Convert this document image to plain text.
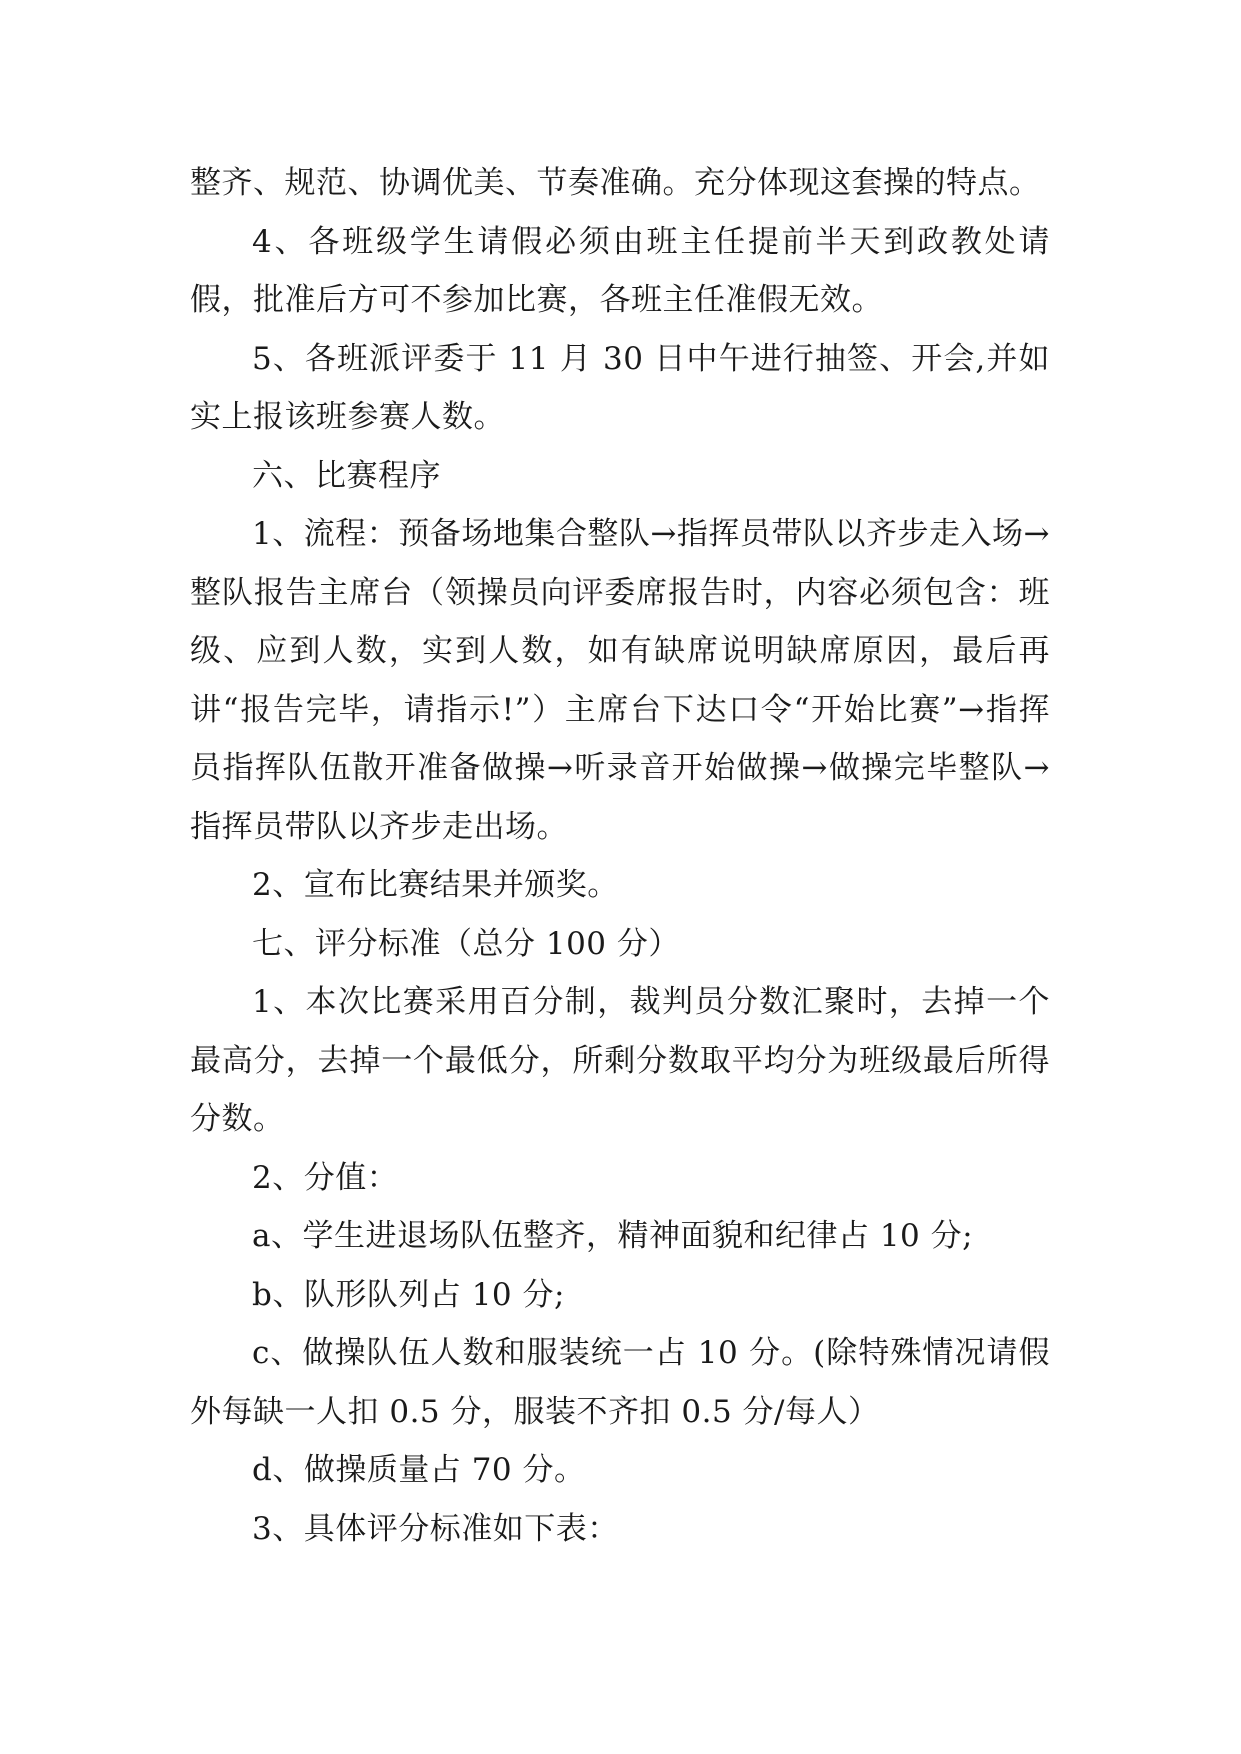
整齐、规范、协调优美、节奏准确。充分体现这套操的特点。

4、各班级学生请假必须由班主任提前半天到政教处请假，批准后方可不参加比赛，各班主任准假无效。

5、各班派评委于 11 月 30 日中午进行抽签、开会,并如实上报该班参赛人数。

六、比赛程序

1、流程：预备场地集合整队→指挥员带队以齐步走入场→整队报告主席台（领操员向评委席报告时，内容必须包含：班级、应到人数，实到人数，如有缺席说明缺席原因，最后再讲“报告完毕，请指示!”）主席台下达口令“开始比赛”→指挥员指挥队伍散开准备做操→听录音开始做操→做操完毕整队→指挥员带队以齐步走出场。

2、宣布比赛结果并颁奖。

七、评分标准（总分 100 分）

1、本次比赛采用百分制，裁判员分数汇聚时，去掉一个最高分，去掉一个最低分，所剩分数取平均分为班级最后所得分数。

2、分值：

a、学生进退场队伍整齐，精神面貌和纪律占 10 分;

b、队形队列占 10 分;

c、做操队伍人数和服装统一占 10 分。(除特殊情况请假外每缺一人扣 0.5 分，服装不齐扣 0.5 分/每人）

d、做操质量占 70 分。

3、具体评分标准如下表：
